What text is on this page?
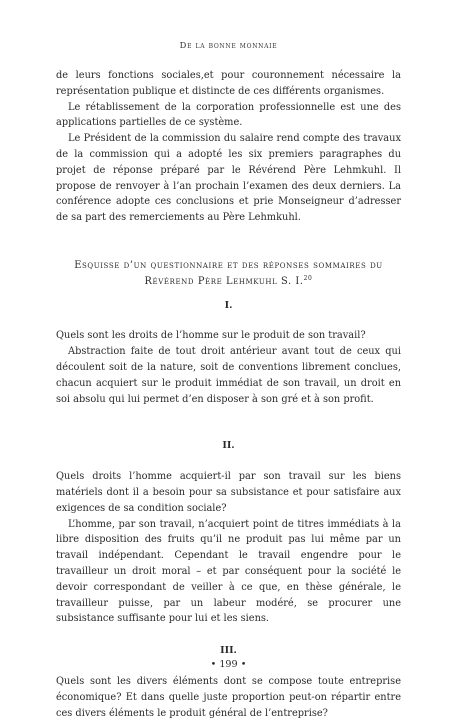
De la bonne monnaie

de leurs fonctions sociales,et pour couronnement nécessaire la représentation publique et distincte de ces différents organismes.

Le rétablissement de la corporation professionnelle est une des applications partielles de ce système.

Le Président de la commission du salaire rend compte des travaux de la commission qui a adopté les six premiers paragraphes du projet de réponse préparé par le Révérend Père Lehmkuhl. Il propose de renvoyer à l’an prochain l’examen des deux derniers. La conférence adopte ces conclusions et prie Monseigneur d’adresser de sa part des remerciements au Père Lehmkuhl.

Esquisse d’un questionnaire et des réponses sommaires du

Révérend Père Lehmkuhl S. I.$^{20}$

I.

Quels sont les droits de l’homme sur le produit de son travail?

Abstraction faite de tout droit antérieur avant tout de ceux qui découlent soit de la nature, soit de conventions librement conclues, chacun acquiert sur le produit immédiat de son travail, un droit en soi absolu qui lui permet d’en disposer à son gré et à son profit.

II.

Quels droits l’homme acquiert-il par son travail sur les biens matériels dont il a besoin pour sa subsistance et pour satisfaire aux exigences de sa condition sociale?

L’homme, par son travail, n’acquiert point de titres immédiats à la libre disposition des fruits qu’il ne produit pas lui même par un travail indépendant. Cependant le travail engendre pour le travailleur un droit moral – et par conséquent pour la société le devoir correspondant de veiller à ce que, en thèse générale, le travailleur puisse, par un labeur modéré, se procurer une subsistance suffisante pour lui et les siens.

III.

Quels sont les divers éléments dont se compose toute entreprise économique? Et dans quelle juste proportion peut-on répartir entre ces divers éléments le produit général de l’entreprise?

• 199 •
